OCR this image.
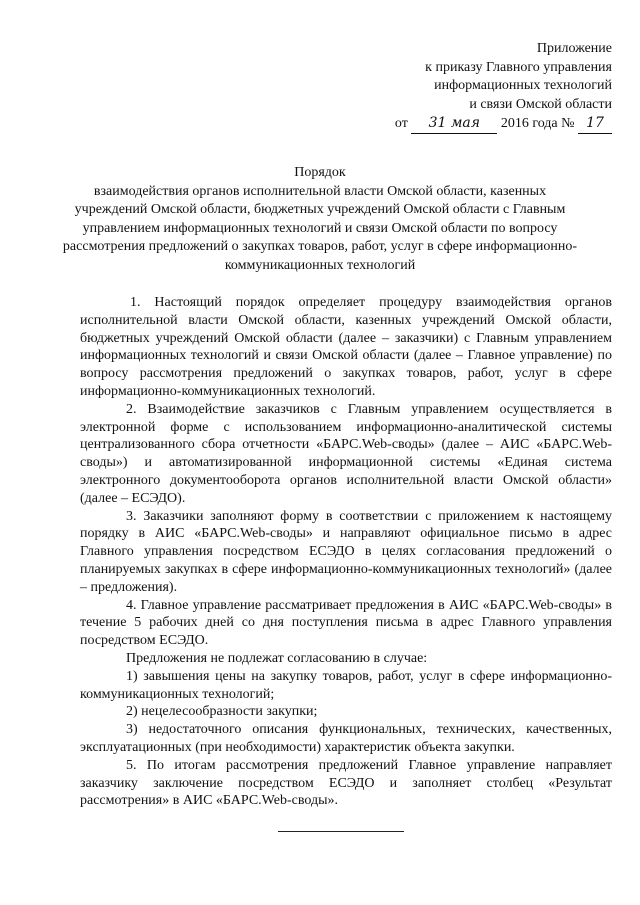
Приложение
к приказу Главного управления
информационных технологий
и связи Омской области
от 31 мая 2016 года № 17
Порядок
взаимодействия органов исполнительной власти Омской области, казенных учреждений Омской области, бюджетных учреждений Омской области с Главным управлением информационных технологий и связи Омской области по вопросу рассмотрения предложений о закупках товаров, работ, услуг в сфере информационно-коммуникационных технологий

1. Настоящий порядок определяет процедуру взаимодействия органов исполнительной власти Омской области, казенных учреждений Омской области, бюджетных учреждений Омской области (далее – заказчики) с Главным управлением информационных технологий и связи Омской области (далее – Главное управление) по вопросу рассмотрения предложений о закупках товаров, работ, услуг в сфере информационно-коммуникационных технологий.

2. Взаимодействие заказчиков с Главным управлением осуществляется в электронной форме с использованием информационно-аналитической системы централизованного сбора отчетности «БАРС.Web-своды» (далее – АИС «БАРС.Web-своды») и автоматизированной информационной системы «Единая система электронного документооборота органов исполнительной власти Омской области» (далее – ЕСЭДО).

3. Заказчики заполняют форму в соответствии с приложением к настоящему порядку в АИС «БАРС.Web-своды» и направляют официальное письмо в адрес Главного управления посредством ЕСЭДО в целях согласования предложений о планируемых закупках в сфере информационно-коммуникационных технологий» (далее – предложения).

4. Главное управление рассматривает предложения в АИС «БАРС.Web-своды» в течение 5 рабочих дней со дня поступления письма в адрес Главного управления посредством ЕСЭДО.

Предложения не подлежат согласованию в случае:

1) завышения цены на закупку товаров, работ, услуг в сфере информационно-коммуникационных технологий;

2) нецелесообразности закупки;

3) недостаточного описания функциональных, технических, качественных, эксплуатационных (при необходимости) характеристик объекта закупки.

5. По итогам рассмотрения предложений Главное управление направляет заказчику заключение посредством ЕСЭДО и заполняет столбец «Результат рассмотрения» в АИС «БАРС.Web-своды».
